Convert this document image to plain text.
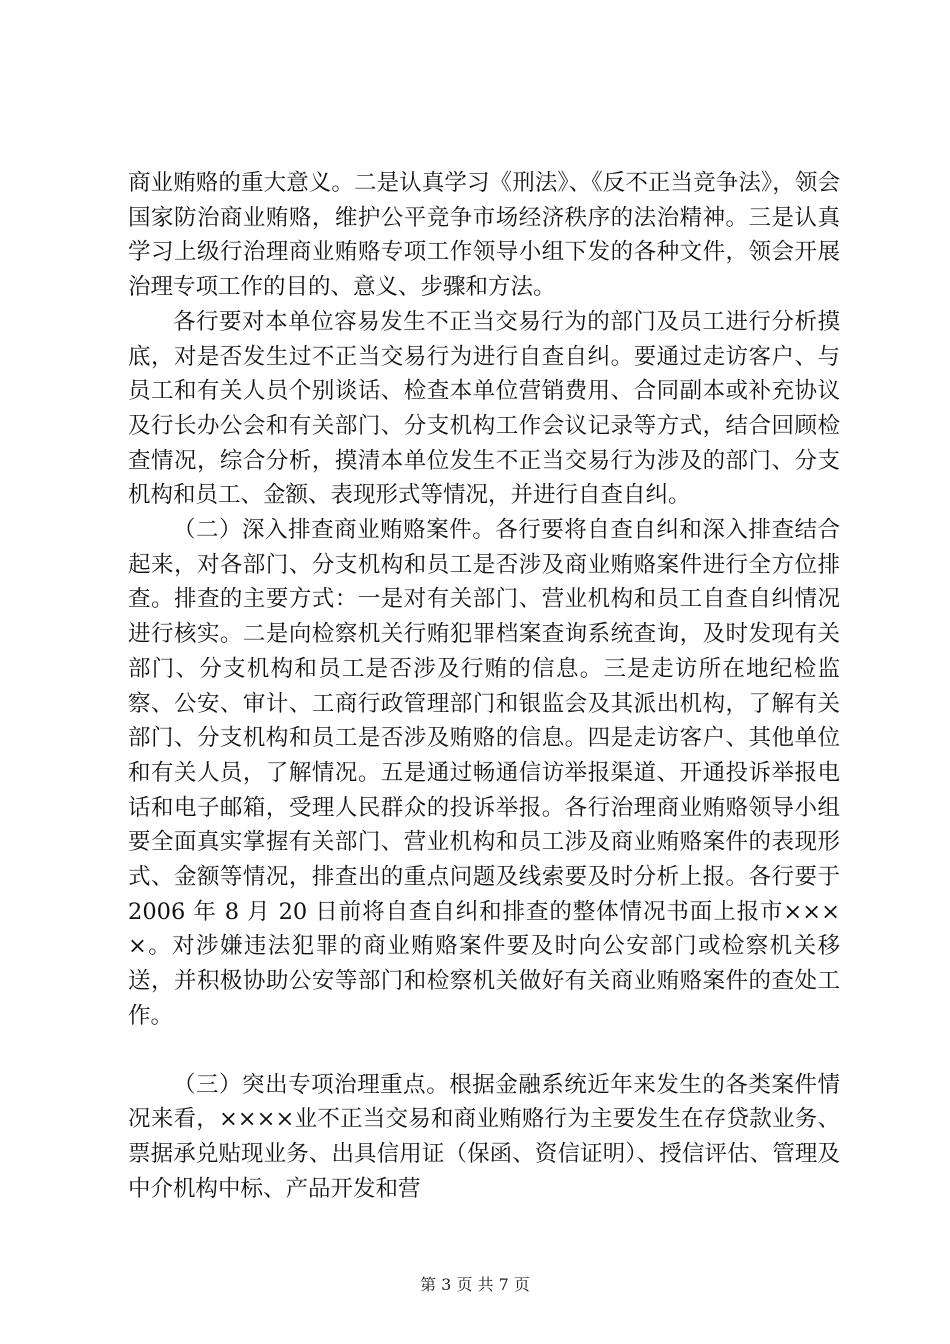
商业贿赂的重大意义。二是认真学习《刑法》、《反不正当竞争法》，领会国家防治商业贿赂，维护公平竞争市场经济秩序的法治精神。三是认真学习上级行治理商业贿赂专项工作领导小组下发的各种文件，领会开展治理专项工作的目的、意义、步骤和方法。

各行要对本单位容易发生不正当交易行为的部门及员工进行分析摸底，对是否发生过不正当交易行为进行自查自纠。要通过走访客户、与员工和有关人员个别谈话、检查本单位营销费用、合同副本或补充协议及行长办公会和有关部门、分支机构工作会议记录等方式，结合回顾检查情况，综合分析，摸清本单位发生不正当交易行为涉及的部门、分支机构和员工、金额、表现形式等情况，并进行自查自纠。

（二）深入排查商业贿赂案件。各行要将自查自纠和深入排查结合起来，对各部门、分支机构和员工是否涉及商业贿赂案件进行全方位排查。排查的主要方式：一是对有关部门、营业机构和员工自查自纠情况进行核实。二是向检察机关行贿犯罪档案查询系统查询，及时发现有关部门、分支机构和员工是否涉及行贿的信息。三是走访所在地纪检监察、公安、审计、工商行政管理部门和银监会及其派出机构，了解有关部门、分支机构和员工是否涉及贿赂的信息。四是走访客户、其他单位和有关人员，了解情况。五是通过畅通信访举报渠道、开通投诉举报电话和电子邮箱，受理人民群众的投诉举报。各行治理商业贿赂领导小组要全面真实掌握有关部门、营业机构和员工涉及商业贿赂案件的表现形式、金额等情况，排查出的重点问题及线索要及时分析上报。各行要于 2006 年 8 月 20 日前将自查自纠和排查的整体情况书面上报市××××。对涉嫌违法犯罪的商业贿赂案件要及时向公安部门或检察机关移送，并积极协助公安等部门和检察机关做好有关商业贿赂案件的查处工作。

（三）突出专项治理重点。根据金融系统近年来发生的各类案件情况来看，××××业不正当交易和商业贿赂行为主要发生在存贷款业务、票据承兑贴现业务、出具信用证（保函、资信证明）、授信评估、管理及中介机构中标、产品开发和营

第 3 页 共 7 页
